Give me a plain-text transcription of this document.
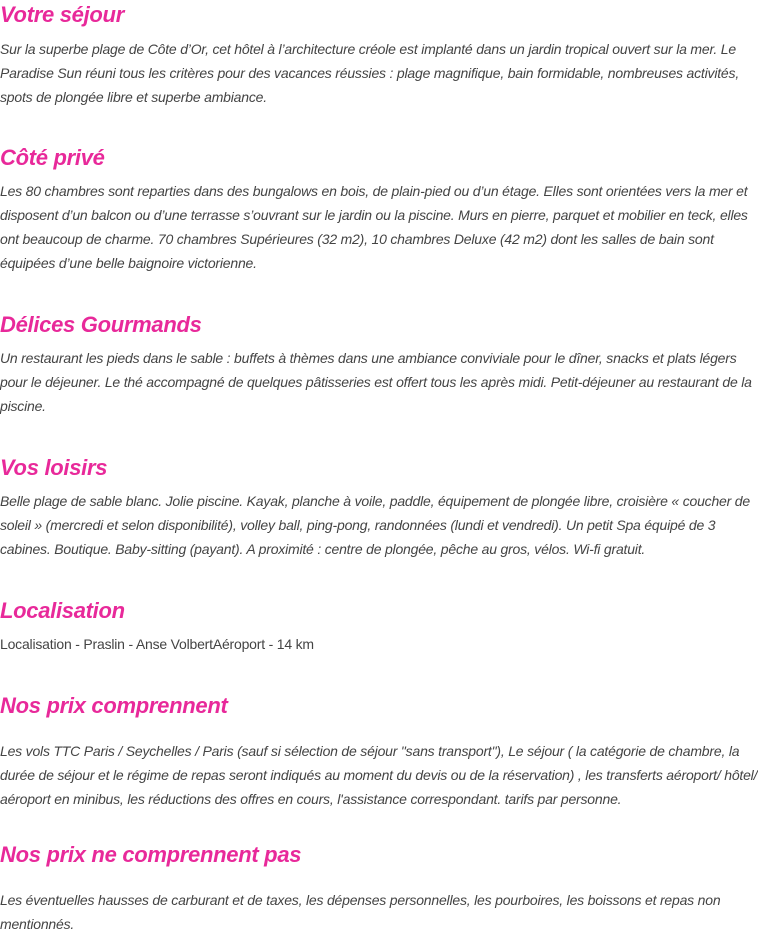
Votre séjour

Sur la superbe plage de Côte d’Or, cet hôtel à l’architecture créole est implanté dans un jardin tropical ouvert sur la mer. Le Paradise Sun réuni tous les critères pour des vacances réussies : plage magnifique, bain formidable, nombreuses activités, spots de plongée libre et superbe ambiance.

Côté privé

Les 80 chambres sont reparties dans des bungalows en bois, de plain-pied ou d’un étage. Elles sont orientées vers la mer et disposent d’un balcon ou d’une terrasse s’ouvrant sur le jardin ou la piscine. Murs en pierre, parquet et mobilier en teck, elles ont beaucoup de charme. 70 chambres Supérieures (32 m2), 10 chambres Deluxe (42 m2) dont les salles de bain sont équipées d’une belle baignoire victorienne.

Délices Gourmands

Un restaurant les pieds dans le sable : buffets à thèmes dans une ambiance conviviale pour le dîner, snacks et plats légers pour le déjeuner. Le thé accompagné de quelques pâtisseries est offert tous les après midi. Petit-déjeuner au restaurant de la piscine.

Vos loisirs

Belle plage de sable blanc. Jolie piscine. Kayak, planche à voile, paddle, équipement de plongée libre, croisière « coucher de soleil » (mercredi et selon disponibilité), volley ball, ping-pong, randonnées (lundi et vendredi). Un petit Spa équipé de 3 cabines. Boutique. Baby-sitting (payant). A proximité : centre de plongée, pêche au gros, vélos. Wi-fi gratuit.

Localisation

Localisation - Praslin - Anse VolbertAéroport - 14 km

Nos prix comprennent

Les vols TTC Paris / Seychelles / Paris (sauf si sélection de séjour "sans transport"), Le séjour ( la catégorie de chambre, la durée de séjour et le régime de repas seront indiqués au moment du devis ou de la réservation) , les transferts aéroport/ hôtel/ aéroport en minibus, les réductions des offres en cours, l'assistance correspondant. tarifs par personne.

Nos prix ne comprennent pas

Les éventuelles hausses de carburant et de taxes, les dépenses personnelles, les pourboires, les boissons et repas non mentionnés.
